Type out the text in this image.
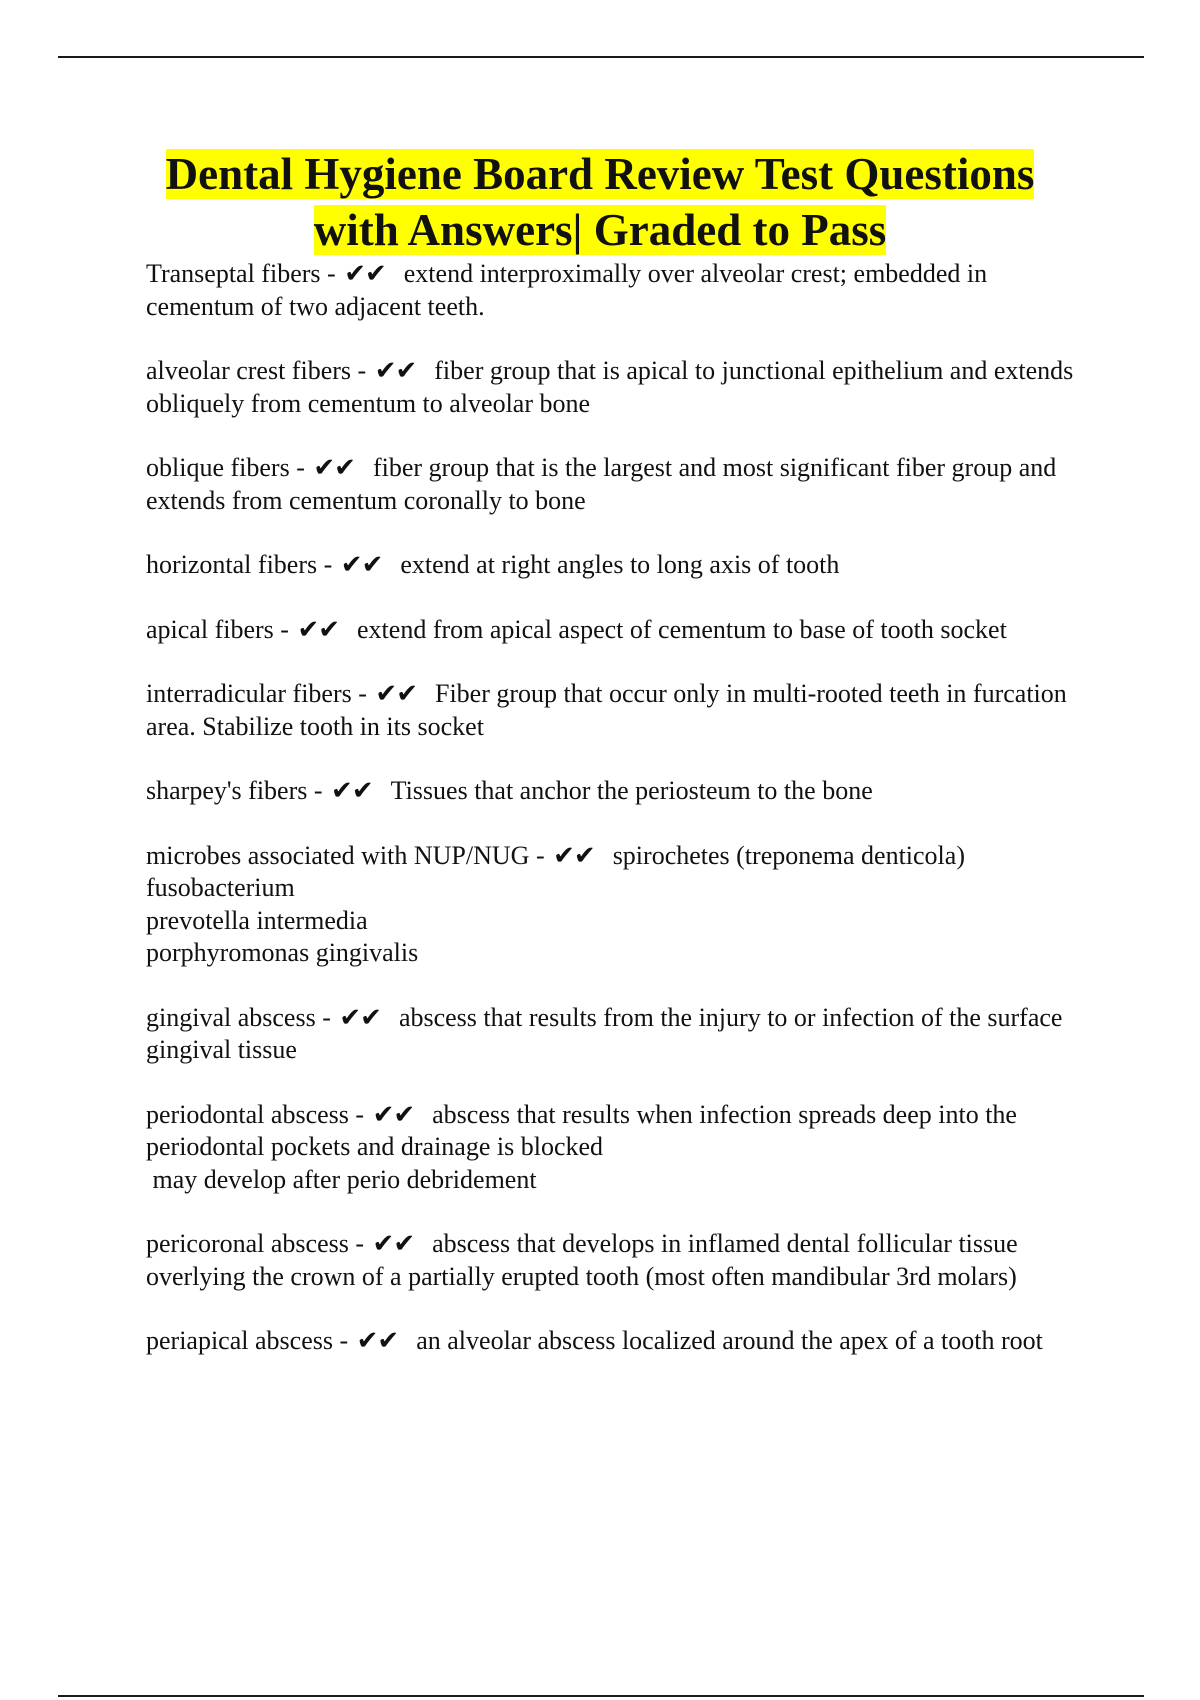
Dental Hygiene Board Review Test Questions
with Answers| Graded to Pass
Transeptal fibers - ✔✔ extend interproximally over alveolar crest; embedded in cementum of two adjacent teeth.
alveolar crest fibers - ✔✔ fiber group that is apical to junctional epithelium and extends obliquely from cementum to alveolar bone
oblique fibers - ✔✔ fiber group that is the largest and most significant fiber group and extends from cementum coronally to bone
horizontal fibers - ✔✔ extend at right angles to long axis of tooth
apical fibers - ✔✔ extend from apical aspect of cementum to base of tooth socket
interradicular fibers - ✔✔ Fiber group that occur only in multi-rooted teeth in furcation area. Stabilize tooth in its socket
sharpey's fibers - ✔✔ Tissues that anchor the periosteum to the bone
microbes associated with NUP/NUG - ✔✔ spirochetes (treponema denticola)
fusobacterium
prevotella intermedia
porphyromonas gingivalis
gingival abscess - ✔✔ abscess that results from the injury to or infection of the surface gingival tissue
periodontal abscess - ✔✔ abscess that results when infection spreads deep into the periodontal pockets and drainage is blocked
may develop after perio debridement
pericoronal abscess - ✔✔ abscess that develops in inflamed dental follicular tissue overlying the crown of a partially erupted tooth (most often mandibular 3rd molars)
periapical abscess - ✔✔ an alveolar abscess localized around the apex of a tooth root
